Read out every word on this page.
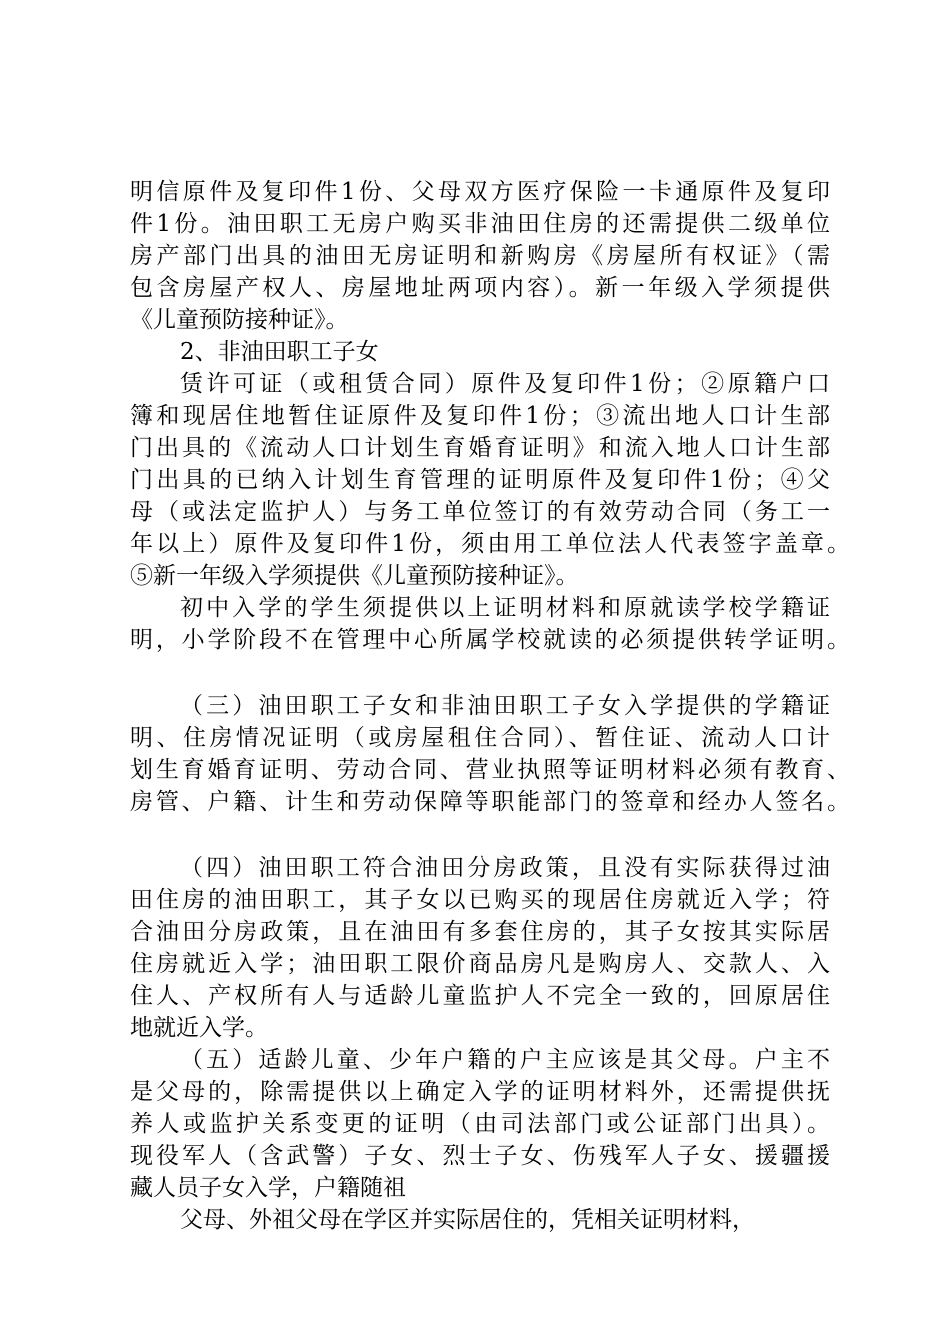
明信原件及复印件1份、父母双方医疗保险一卡通原件及复印
件1份。油田职工无房户购买非油田住房的还需提供二级单位
房产部门出具的油田无房证明和新购房《房屋所有权证》（需
包含房屋产权人、房屋地址两项内容）。新一年级入学须提供
《儿童预防接种证》。
2、非油田职工子女
赁许可证（或租赁合同）原件及复印件1份；②原籍户口
簿和现居住地暂住证原件及复印件1份；③流出地人口计生部
门出具的《流动人口计划生育婚育证明》和流入地人口计生部
门出具的已纳入计划生育管理的证明原件及复印件1份；④父
母（或法定监护人）与务工单位签订的有效劳动合同（务工一
年以上）原件及复印件1份，须由用工单位法人代表签字盖章。
⑤新一年级入学须提供《儿童预防接种证》。
初中入学的学生须提供以上证明材料和原就读学校学籍证
明，小学阶段不在管理中心所属学校就读的必须提供转学证明。
（三）油田职工子女和非油田职工子女入学提供的学籍证
明、住房情况证明（或房屋租住合同）、暂住证、流动人口计
划生育婚育证明、劳动合同、营业执照等证明材料必须有教育、
房管、户籍、计生和劳动保障等职能部门的签章和经办人签名。
（四）油田职工符合油田分房政策，且没有实际获得过油
田住房的油田职工，其子女以已购买的现居住房就近入学；符
合油田分房政策，且在油田有多套住房的，其子女按其实际居
住房就近入学；油田职工限价商品房凡是购房人、交款人、入
住人、产权所有人与适龄儿童监护人不完全一致的，回原居住
地就近入学。
（五）适龄儿童、少年户籍的户主应该是其父母。户主不
是父母的，除需提供以上确定入学的证明材料外，还需提供抚
养人或监护关系变更的证明（由司法部门或公证部门出具）。
现役军人（含武警）子女、烈士子女、伤残军人子女、援疆援
藏人员子女入学，户籍随祖
父母、外祖父母在学区并实际居住的，凭相关证明材料，
